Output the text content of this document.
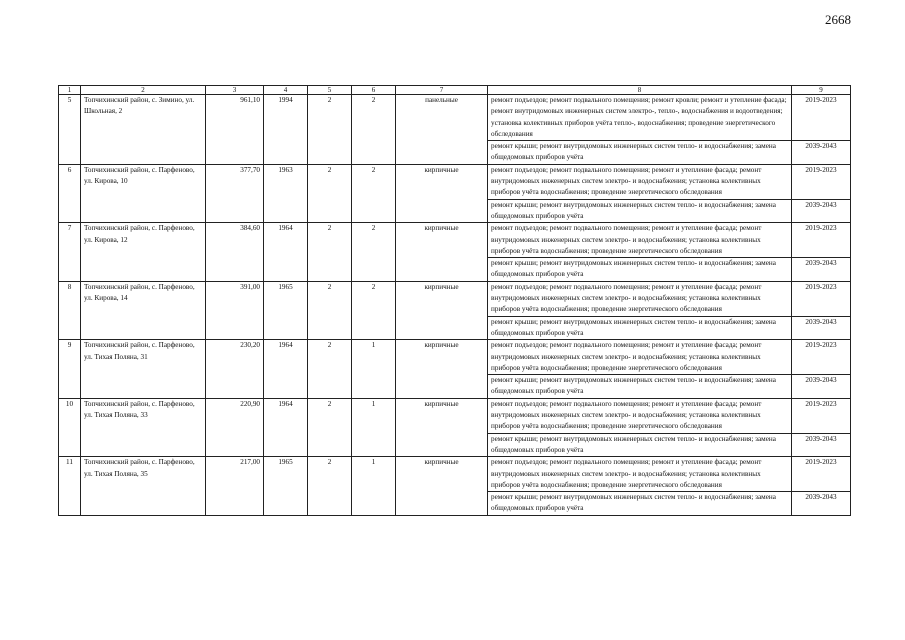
2668
1	2	3	4	5	6	7	8	9
5	Топчихинский район, с. Зимино, ул. Школьная, 2	961,10	1994	2	2	панельные	ремонт подъездов; ремонт подвального помещения; ремонт кровли; ремонт и утепление фасада; ремонт внутридомовых инженерных систем электро-, тепло-, водоснабжения и водоотведения; установка колективных приборов учёта тепло-, водоснабжения; проведение энергетического обследования	2019-2023
							ремонт крыши; ремонт внутридомовых инженерных систем тепло- и водоснабжения; замена общедомовых приборов учёта	2039-2043
6	Топчихинский район, с. Парфеново, ул. Кирова, 10	377,70	1963	2	2	кирпичные	ремонт подъездов; ремонт подвального помещения; ремонт и утепление фасада; ремонт внутридомовых инженерных систем электро- и водоснабжения; установка колективных приборов учёта водоснабжения; проведение энергетического обследования	2019-2023
							ремонт крыши; ремонт внутридомовых инженерных систем тепло- и водоснабжения; замена общедомовых приборов учёта	2039-2043
7	Топчихинский район, с. Парфеново, ул. Кирова, 12	384,60	1964	2	2	кирпичные	ремонт подъездов; ремонт подвального помещения; ремонт и утепление фасада; ремонт внутридомовых инженерных систем электро- и водоснабжения; установка колективных приборов учёта водоснабжения; проведение энергетического обследования	2019-2023
							ремонт крыши; ремонт внутридомовых инженерных систем тепло- и водоснабжения; замена общедомовых приборов учёта	2039-2043
8	Топчихинский район, с. Парфеново, ул. Кирова, 14	391,00	1965	2	2	кирпичные	ремонт подъездов; ремонт подвального помещения; ремонт и утепление фасада; ремонт внутридомовых инженерных систем электро- и водоснабжения; установка колективных приборов учёта водоснабжения; проведение энергетического обследования	2019-2023
							ремонт крыши; ремонт внутридомовых инженерных систем тепло- и водоснабжения; замена общедомовых приборов учёта	2039-2043
9	Топчихинский район, с. Парфеново, ул. Тихая Поляна, 31	230,20	1964	2	1	кирпичные	ремонт подъездов; ремонт подвального помещения; ремонт и утепление фасада; ремонт внутридомовых инженерных систем электро- и водоснабжения; установка колективных приборов учёта водоснабжения; проведение энергетического обследования	2019-2023
							ремонт крыши; ремонт внутридомовых инженерных систем тепло- и водоснабжения; замена общедомовых приборов учёта	2039-2043
10	Топчихинский район, с. Парфеново, ул. Тихая Поляна, 33	220,90	1964	2	1	кирпичные	ремонт подъездов; ремонт подвального помещения; ремонт и утепление фасада; ремонт внутридомовых инженерных систем электро- и водоснабжения; установка колективных приборов учёта водоснабжения; проведение энергетического обследования	2019-2023
							ремонт крыши; ремонт внутридомовых инженерных систем тепло- и водоснабжения; замена общедомовых приборов учёта	2039-2043
11	Топчихинский район, с. Парфеново, ул. Тихая Поляна, 35	217,00	1965	2	1	кирпичные	ремонт подъездов; ремонт подвального помещения; ремонт и утепление фасада; ремонт внутридомовых инженерных систем электро- и водоснабжения; установка колективных приборов учёта водоснабжения; проведение энергетического обследования	2019-2023
							ремонт крыши; ремонт внутридомовых инженерных систем тепло- и водоснабжения; замена общедомовых приборов учёта	2039-2043
